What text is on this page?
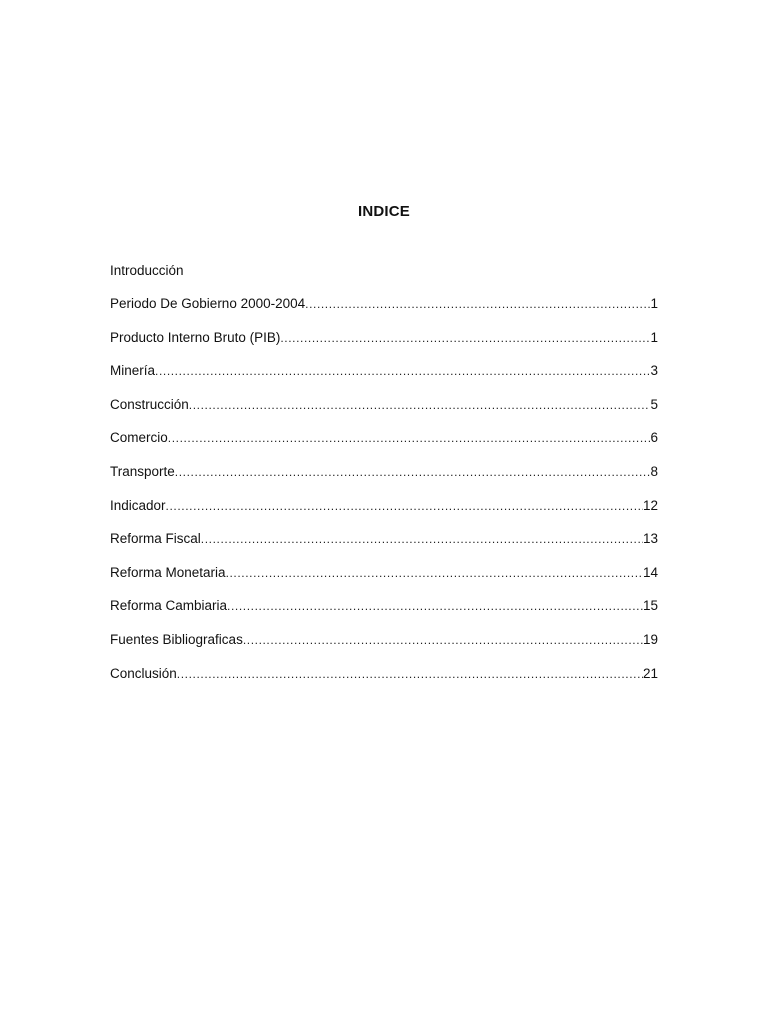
INDICE
Introducción
Periodo De Gobierno 2000-2004 .....	1
Producto Interno Bruto (PIB) .....	1
Minería .....	3
Construcción .....	5
Comercio .....	6
Transporte .....	8
Indicador .....	12
Reforma Fiscal .....	13
Reforma Monetaria .....	14
Reforma Cambiaria .....	15
Fuentes Bibliograficas .....	19
Conclusión .....	21
